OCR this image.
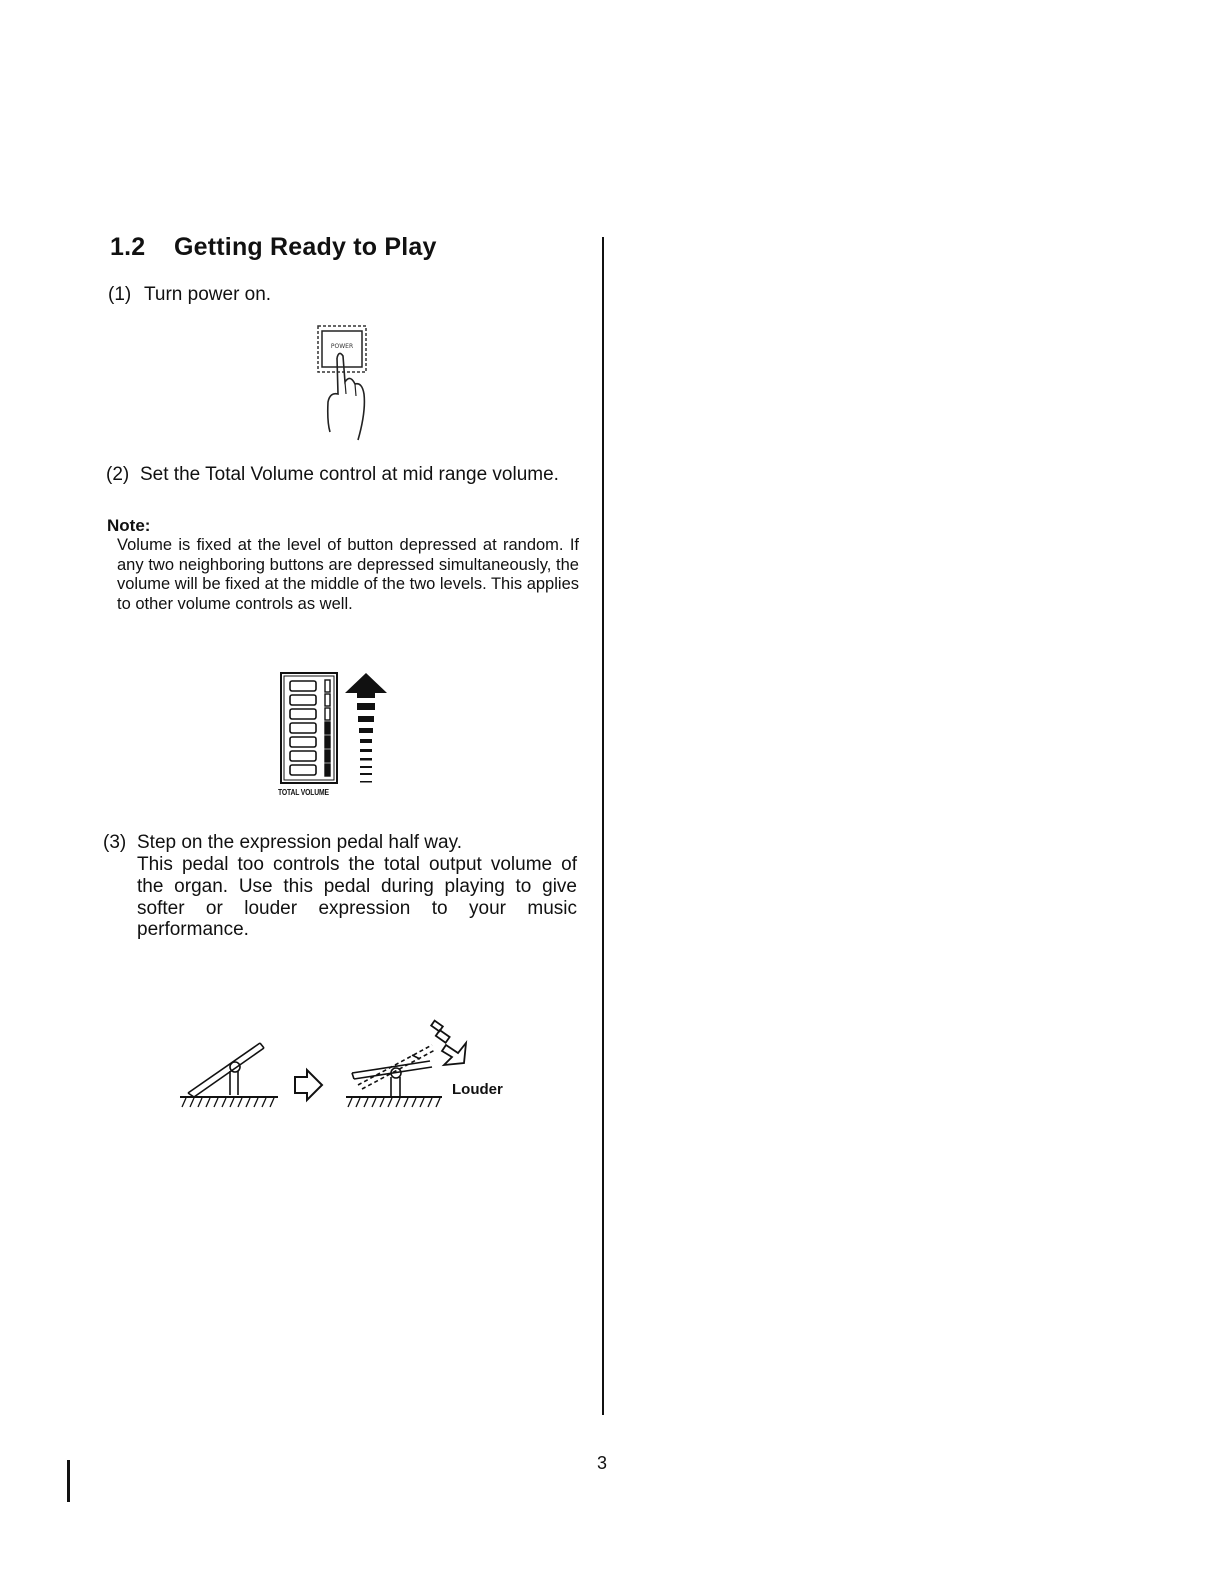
1.2 Getting Ready to Play
(1) Turn power on.
POWER
(2) Set the Total Volume control at mid range volume.
Note:
Volume is fixed at the level of button depressed at random. If any two neighboring buttons are depressed simultaneously, the volume will be fixed at the middle of the two levels. This applies to other volume controls as well.
TOTAL VOLUME
(3) Step on the expression pedal half way.
This pedal too controls the total output volume of the organ. Use this pedal during playing to give softer or louder expression to your music performance.
Louder
3
